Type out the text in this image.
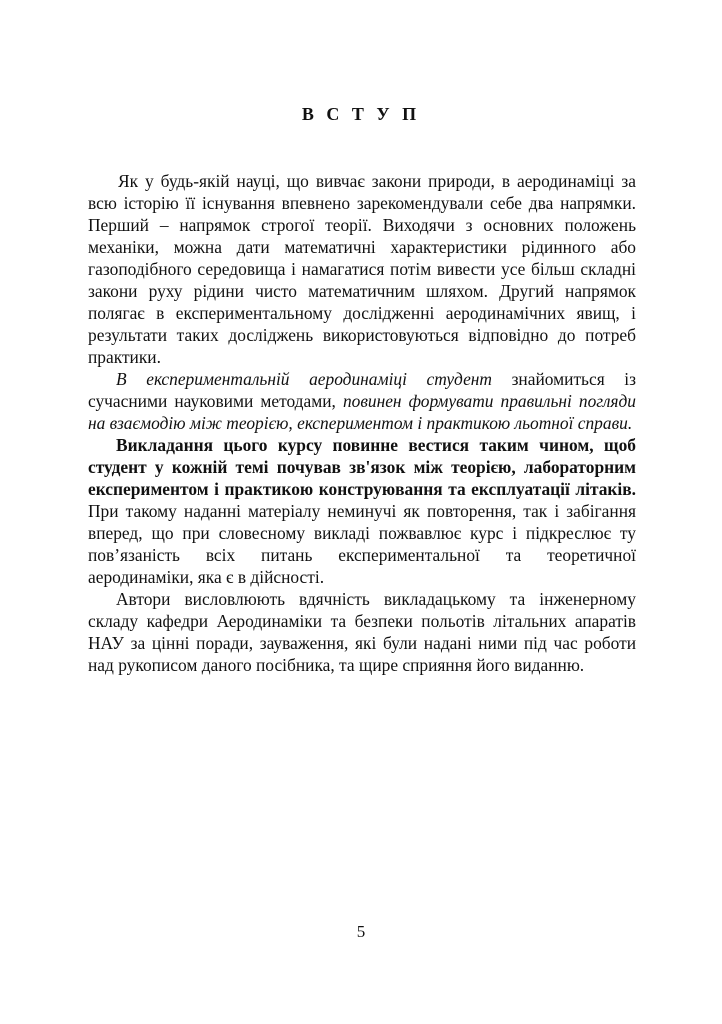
В С Т У П

Як у будь-якій науці, що вивчає закони природи, в аеродинаміці за всю історію її існування впевнено зарекомендували себе два напрямки. Перший – напрямок строгої теорії. Виходячи з основних положень механіки, можна дати математичні характеристики рідинного або газоподібного середовища і намагатися потім вивести усе більш складні закони руху рідини чисто математичним шляхом. Другий напрямок полягає в експериментальному дослідженні аеродинамічних явищ, і результати таких досліджень використовуються відповідно до потреб практики.

В експериментальній аеродинаміці студент знайомиться із сучасними науковими методами, повинен формувати правильні погляди на взаємодію між теорією, експериментом і практикою льотної справи.

Викладання цього курсу повинне вестися таким чином, щоб студент у кожній темі почував зв'язок між теорією, лабораторним експериментом і практикою конструювання та експлуатації літаків. При такому наданні матеріалу неминучі як повторення, так і забігання вперед, що при словесному викладі пожвавлює курс і підкреслює ту пов’язаність всіх питань експериментальної та теоретичної аеродинаміки, яка є в дійсності.

Автори висловлюють вдячність викладацькому та інженерному складу кафедри Аеродинаміки та безпеки польотів літальних апаратів НАУ за цінні поради, зауваження, які були надані ними під час роботи над рукописом даного посібника, та щире сприяння його виданню.

5
